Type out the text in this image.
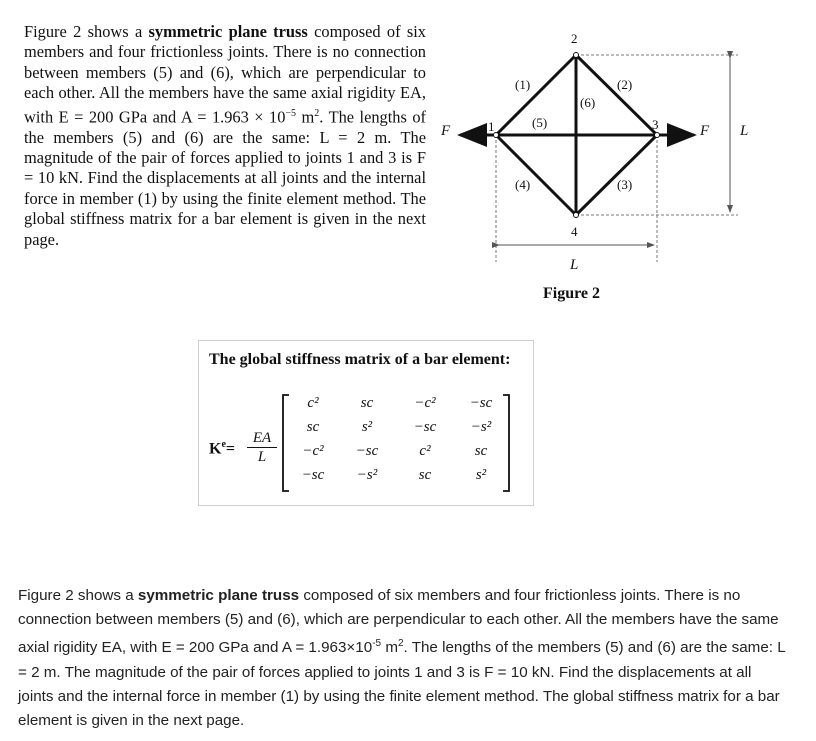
Figure 2 shows a symmetric plane truss composed of six members and four frictionless joints. There is no connection between members (5) and (6), which are perpendicular to each other. All the members have the same axial rigidity EA, with E = 200 GPa and $A = 1.963 \times 10^{-5}$ $m^2$. The lengths of the members (5) and (6) are the same: L = 2 m. The magnitude of the pair of forces applied to joints 1 and 3 is F = 10 kN. Find the displacements at all joints and the internal force in member (1) by using the finite element method. The global stiffness matrix for a bar element is given in the next page.
2
1	3
4
(1)	(2)
(3)
(4)
(5)
(6)
F	F L
L
Figure 2
The global stiffness matrix of a bar element:
$K^e= \frac{EA}{L}$
c²	sc	−c²	−sc
sc	s²	−sc	−s²
−c²	−sc	c²	sc
−sc	−s²	sc	s²
Figure 2 shows a symmetric plane truss composed of six members and four frictionless joints. There is no connection between members (5) and (6), which are perpendicular to each other. All the members have the same axial rigidity EA, with E = 200 GPa and $A = 1.963\times 10^{-5}$ $m^2$. The lengths of the members (5) and (6) are the same: L = 2 m. The magnitude of the pair of forces applied to joints 1 and 3 is F = 10 kN. Find the displacements at all joints and the internal force in member (1) by using the finite element method. The global stiffness matrix for a bar element is given in the next page.
